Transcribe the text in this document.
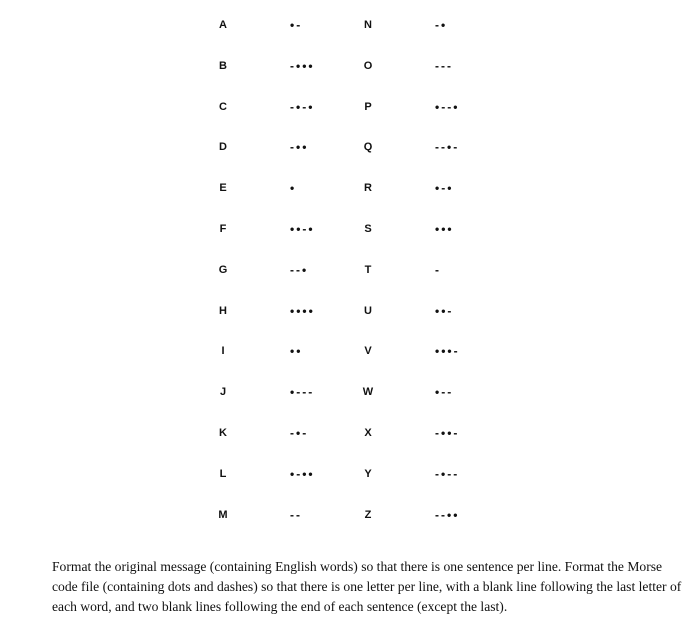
A	•-	N	-•
B	-•••	O	---
C	-•-•	P	•--•
D	-••	Q	--•-
E	•	R	•-•
F	••-•	S	•••
G	--•	T	-
H	••••	U	••-
I	••	V	•••-
J	•---	W	•--
K	-•-	X	-••-
L	•-••	Y	-•--
M	--	Z	--••
Format the original message (containing English words) so that there is one sentence per line. Format the Morse code file (containing dots and dashes) so that there is one letter per line, with a blank line following the last letter of each word, and two blank lines following the end of each sentence (except the last).
